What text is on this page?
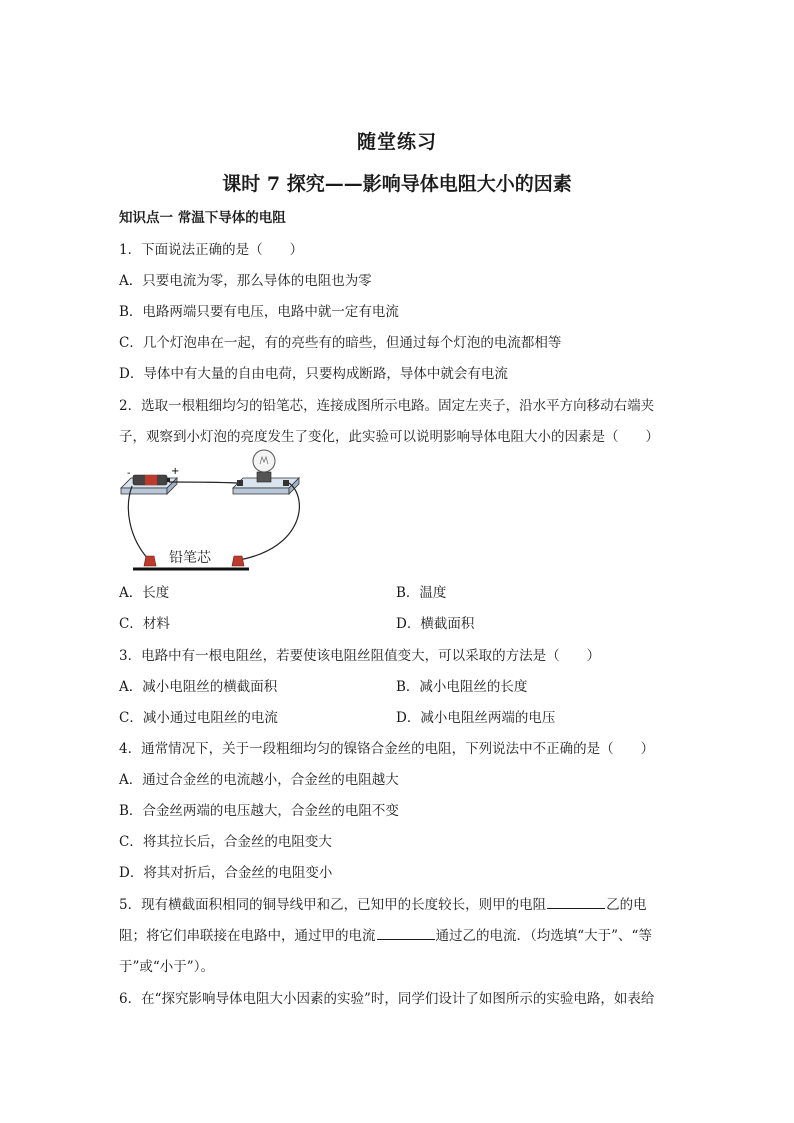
随堂练习
课时 7 探究——影响导体电阻大小的因素
知识点一 常温下导体的电阻
1．下面说法正确的是（　　）
A．只要电流为零，那么导体的电阻也为零
B．电路两端只要有电压，电路中就一定有电流
C．几个灯泡串在一起，有的亮些有的暗些，但通过每个灯泡的电流都相等
D．导体中有大量的自由电荷，只要构成断路，导体中就会有电流
2．选取一根粗细均匀的铅笔芯，连接成图所示电路。固定左夹子，沿水平方向移动右端夹
子，观察到小灯泡的亮度发生了变化，此实验可以说明影响导体电阻大小的因素是（　　）
-	+
铅笔芯
A．长度	B．温度
C．材料	D．横截面积
3．电路中有一根电阻丝，若要使该电阻丝阻值变大，可以采取的方法是（　　）
A．减小电阻丝的横截面积	B．减小电阻丝的长度
C．减小通过电阻丝的电流	D．减小电阻丝两端的电压
4．通常情况下，关于一段粗细均匀的镍铬合金丝的电阻，下列说法中不正确的是（　　）
A．通过合金丝的电流越小，合金丝的电阻越大
B．合金丝两端的电压越大，合金丝的电阻不变
C．将其拉长后，合金丝的电阻变大
D．将其对折后，合金丝的电阻变小
5．现有横截面积相同的铜导线甲和乙，已知甲的长度较长，则甲的电阻	乙的电
阻；将它们串联接在电路中，通过甲的电流	通过乙的电流．（均选填“大于”、“等
于”或“小于”）。
6．在“探究影响导体电阻大小因素的实验”时，同学们设计了如图所示的实验电路，如表给
